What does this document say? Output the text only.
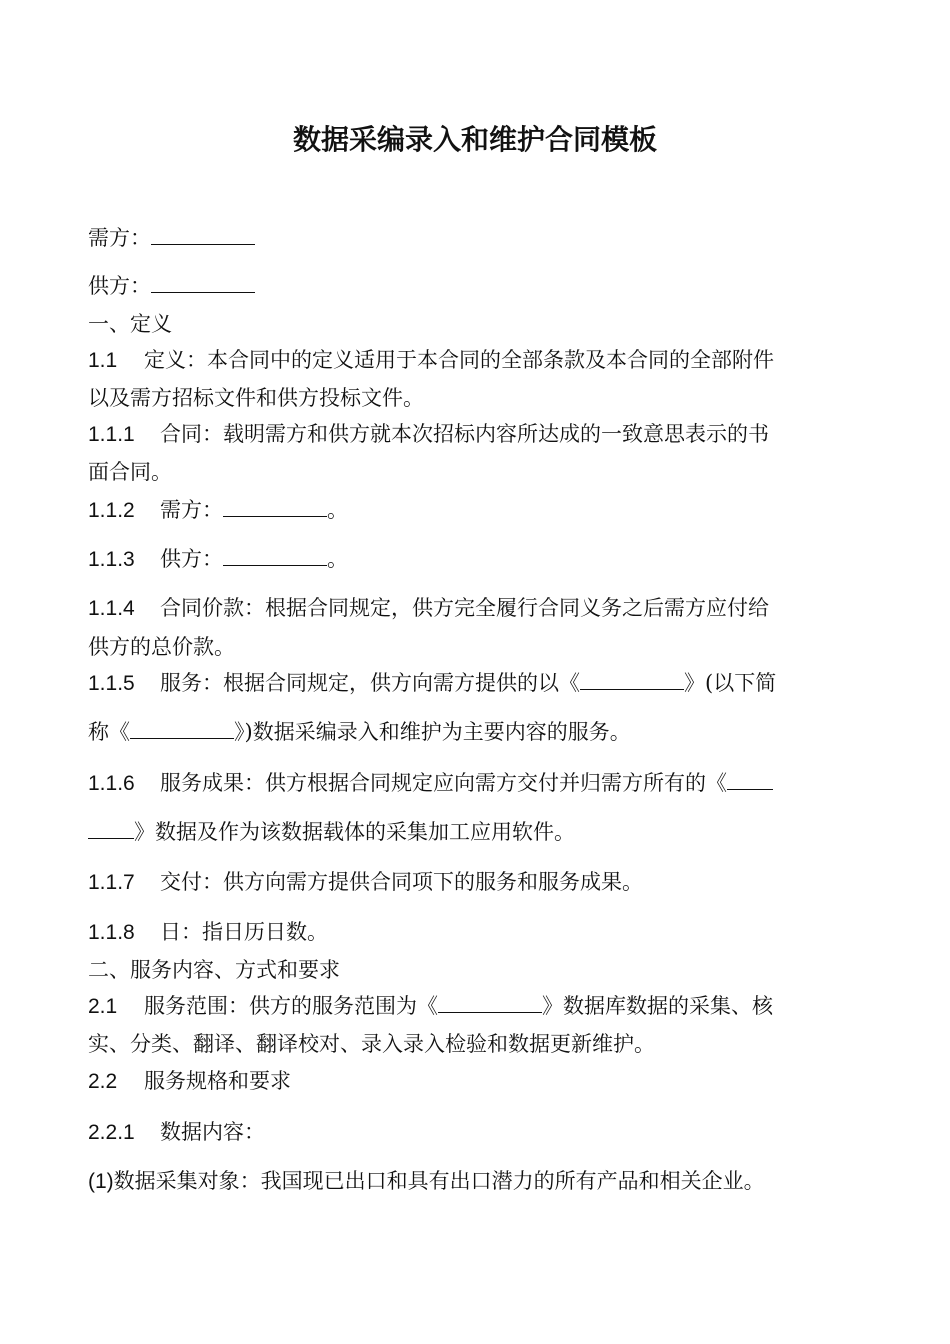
数据采编录入和维护合同模板
需方：
供方：
一、定义
1.1 定义：本合同中的定义适用于本合同的全部条款及本合同的全部附件
以及需方招标文件和供方投标文件。
1.1.1 合同：载明需方和供方就本次招标内容所达成的一致意思表示的书
面合同。
1.1.2 需方：	。
1.1.3 供方：	。
1.1.4 合同价款：根据合同规定，供方完全履行合同义务之后需方应付给
供方的总价款。
1.1.5 服务：根据合同规定，供方向需方提供的以《	》(以下简
称《	》)数据采编录入和维护为主要内容的服务。
1.1.6 服务成果：供方根据合同规定应向需方交付并归需方所有的《
》数据及作为该数据载体的采集加工应用软件。
1.1.7 交付：供方向需方提供合同项下的服务和服务成果。
1.1.8 日：指日历日数。
二、服务内容、方式和要求
2.1 服务范围：供方的服务范围为《	》数据库数据的采集、核
实、分类、翻译、翻译校对、录入录入检验和数据更新维护。
2.2 服务规格和要求
2.2.1 数据内容：
(1)数据采集对象：我国现已出口和具有出口潜力的所有产品和相关企业。
